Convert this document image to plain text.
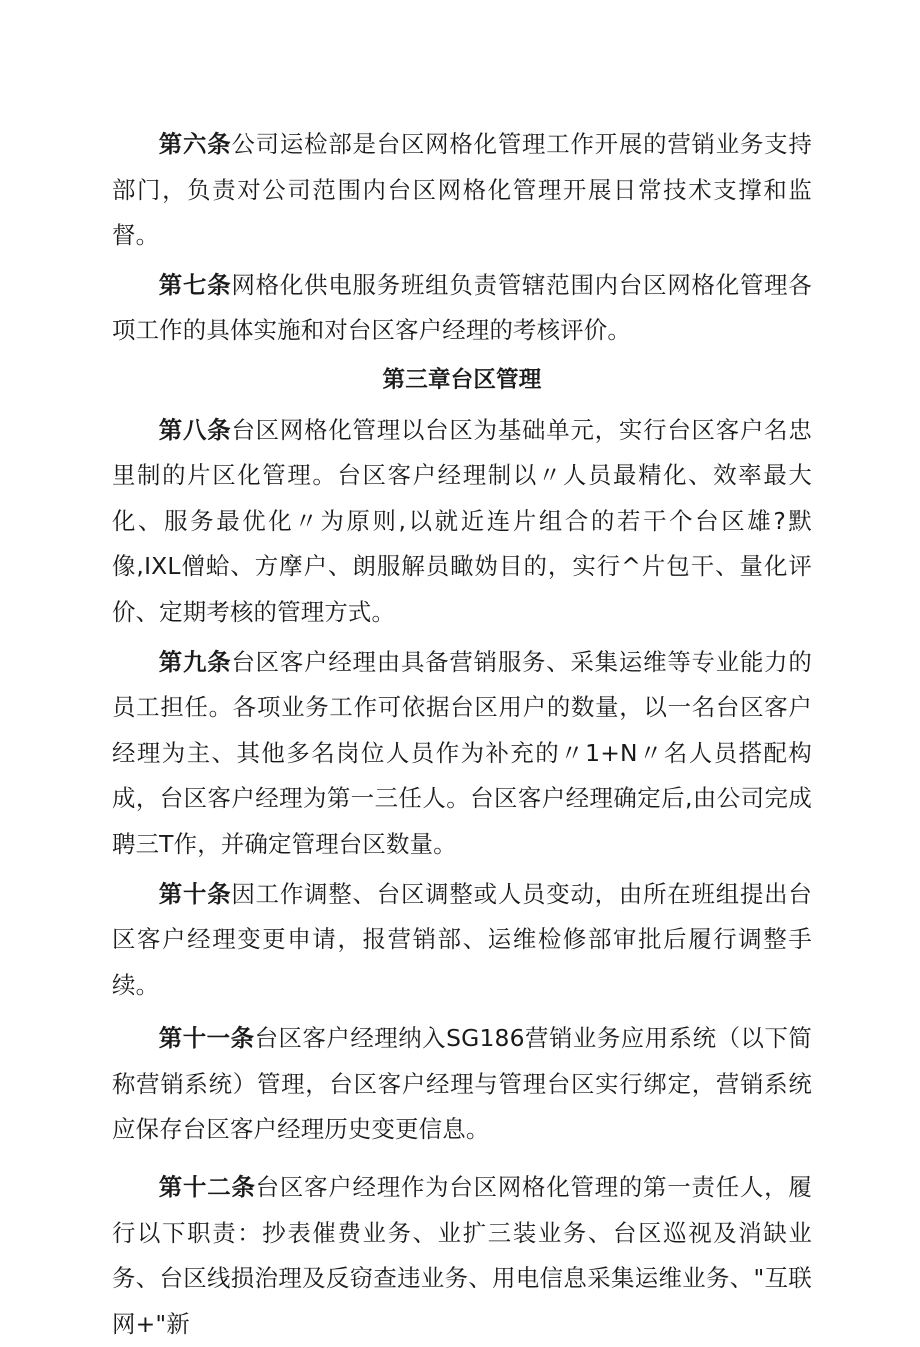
第六条公司运检部是台区网格化管理工作开展的营销业务支持部门，负责对公司范围内台区网格化管理开展日常技术支撑和监督。

第七条网格化供电服务班组负责管辖范围内台区网格化管理各项工作的具体实施和对台区客户经理的考核评价。

第三章台区管理

第八条台区网格化管理以台区为基础单元，实行台区客户名忠里制的片区化管理。台区客户经理制以〃人员最精化、效率最大化、服务最优化〃为原则,以就近连片组合的若干个台区雄?默像,IXL僧蛤、方摩户、朗服解员瞰妫目的，实行^片包干、量化评价、定期考核的管理方式。

第九条台区客户经理由具备营销服务、采集运维等专业能力的员工担任。各项业务工作可依据台区用户的数量，以一名台区客户经理为主、其他多名岗位人员作为补充的〃1+N〃名人员搭配构成，台区客户经理为第一三任人。台区客户经理确定后,由公司完成聘三T作，并确定管理台区数量。

第十条因工作调整、台区调整或人员变动，由所在班组提出台区客户经理变更申请，报营销部、运维检修部审批后履行调整手续。

第十一条台区客户经理纳入SG186营销业务应用系统（以下简称营销系统）管理，台区客户经理与管理台区实行绑定，营销系统应保存台区客户经理历史变更信息。

第十二条台区客户经理作为台区网格化管理的第一责任人，履行以下职责：抄表催费业务、业扩三装业务、台区巡视及消缺业务、台区线损治理及反窃查违业务、用电信息采集运维业务、"互联网+"新
